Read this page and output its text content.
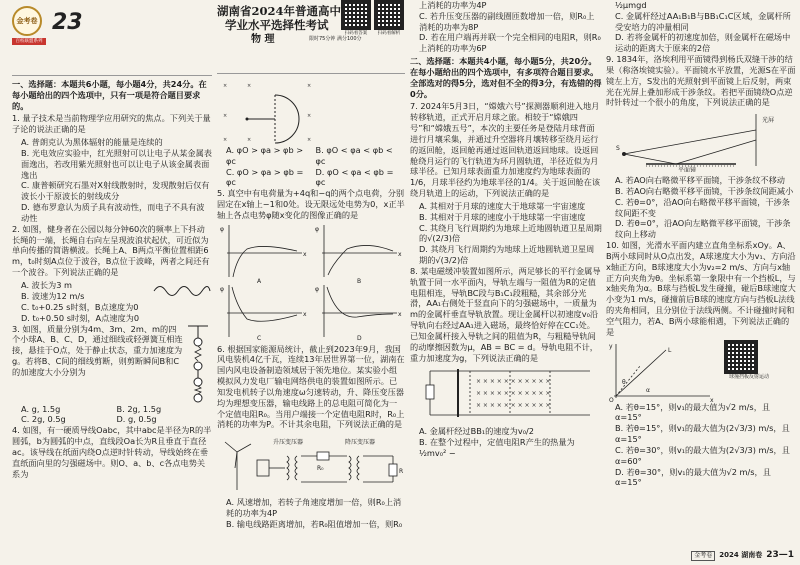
金考卷
百校联盟系列
23
一、选择题：本题共6小题，每小题4分，共24分。在每小题给出的四个选项中，只有一项是符合题目要求的。
1. 量子技术是当前物理学应用研究的焦点。下列关于量子论的说法正确的是
A. 普朗克认为黑体辐射的能量是连续的
B. 光电效应实验中，红光照射可以让电子从某金属表面逸出，若改用紫光照射也可以让电子从该金属表面逸出
C. 康普顿研究石墨对X射线散射时，发现散射后仅有波长小于原波长的射线成分
D. 德布罗意认为质子具有波动性，而电子不具有波动性
2. 如图，健身者在公园以每分钟60次的频率上下抖动长绳的一端，长绳自右向左呈现波浪状起伏，可近似为单向传播的简谐横波。长绳上A、B两点平衡位置相距6 m，t₀时刻A点位于波谷，B点位于波峰，两者之间还有一个波谷。下列说法正确的是
A. 波长为3 m
B. 波速为12 m/s
C. t₀+0.25 s时刻，B点速度为0
D. t₀+0.50 s时刻，A点速度为0
3. 如图，质量分别为4m、3m、2m、m的四个小球A、B、C、D，通过细线或轻弹簧互相连接，悬挂于O点，处于静止状态，重力加速度为g。若将B、C间的细线剪断，则剪断瞬间B和C的加速度大小分别为
A. g, 1.5g	B. 2g, 1.5g
C. 2g, 0.5g	D. g, 0.5g
4. 如图，有一硬质导线Oabc，其中abc是半径为R的半圆弧，b为圆弧的中点，直线段Oa长为R且垂直于直径ac。该导线在纸面内绕O点逆时针转动，导线始终在垂直纸面向里的匀强磁场中。则O、a、b、c各点电势关系为
湖南省2024年普通高中
学业水平选择性考试
物 理	限时75分钟 满分100分
扫码看答案	扫码看解析
×	×	×
×	×
×	×	×
A. φO > φa > φb > φc
B. φO < φa < φb < φc
C. φO > φa > φb = φc
D. φO < φa < φb = φc
5. 真空中有电荷量为+4q和−q的两个点电荷，分别固定在x轴上−1和0处。设无限远处电势为0，x正半轴上各点电势φ随x变化的图像正确的是
φ
x
A
φ
x
B
φ
x
C
φ
x
D
6. 根据国家能源局统计，截止到2023年9月，我国风电装机4亿千瓦，连续13年居世界第一位，湖南在国内风电设备制造领域居于领先地位。某实验小组模拟风力发电厂输电网络供电的装置如图所示。已知发电机转子以角速度ω匀速转动，升、降压变压器均为理想变压器，输电线路上的总电阻可简化为一个定值电阻R₀。当用户端接一个定值电阻R时，R₀上消耗的功率为P。不计其余电阻，下列说法正确的是
升压变压器	降压变压器
R₀	R
A. 风速增加，若转子角速度增加一倍，则R₀上消耗的功率为4P
B. 输电线路距离增加，若R₀阻值增加一倍，则R₀
上消耗的功率为4P
C. 若升压变压器的副线圈匝数增加一倍，则R₀上消耗的功率为8P
D. 若在用户端再并联一个完全相同的电阻R，则R₀上消耗的功率为6P
二、选择题：本题共4小题，每小题5分，共20分。在每小题给出的四个选项中，有多项符合题目要求。全部选对的得5分，选对但不全的得3分，有选错的得0分。
7. 2024年5月3日，“嫦娥六号”探测器顺利进入地月转移轨道，正式开启月球之旅。相较于“嫦娥四号”和“嫦娥五号”，本次的主要任务是登陆月球背面进行月壤采集，并通过升空器将月壤转移至绕月运行的返回舱，返回舱再通过返回轨道返回地球。设返回舱绕月运行的飞行轨道为环月圆轨道，半径近似为月球半径。已知月球表面重力加速度约为地球表面的1/6，月球半径约为地球半径的1/4。关于返回舱在该绕月轨道上的运动，下列说法正确的是
A. 其相对于月球的速度大于地球第一宇宙速度
B. 其相对于月球的速度小于地球第一宇宙速度
C. 其绕月飞行周期约为地球上近地圆轨道卫星周期的√(2/3)倍
D. 其绕月飞行周期约为地球上近地圆轨道卫星周期的√(3/2)倍
8. 某电磁缓冲装置如图所示，两足够长的平行金属导轨置于同一水平面内，导轨左端与一阻值为R的定值电阻相连，导轨BC段与B₁C₁段粗糙，其余部分光滑，AA₁右侧处于竖直向下的匀强磁场中，一质量为m的金属杆垂直导轨放置。现让金属杆以初速度v₀沿导轨向右经过AA₁进入磁场，最终恰好停在CC₁处。已知金属杆接入导轨之间的阻值为R，与粗糙导轨间的动摩擦因数为μ，AB = BC = d。导轨电阻不计，重力加速度为g，下列说法正确的是
× × × × × × × × × × ×
× × × × × × × × × × ×
× × × × × × × × × × ×
A. 金属杆经过BB₁的速度为v₀/2
B. 在整个过程中，定值电阻R产生的热量为½mv₀² −
½μmgd
C. 金属杆经过AA₁B₁B与BB₁C₁C区域，金属杆所受安培力的冲量相同
D. 若将金属杆的初速度加倍，则金属杆在磁场中运动的距离大于原来的2倍
9. 1834年，洛埃利用平面镜得到杨氏双缝干涉的结果（称洛埃镜实验）。平面镜水平放置，光源S在平面镜左上方，S发出的光照射到平面镜上后反射，两束光在光屏上叠加形成干涉条纹。若把平面镜绕O点逆时针转过一个很小的角度，下列说法正确的是
光屏
平面镜
S
A. 若AO向右略微平移平面镜，干涉条纹不移动
B. 若AO向右略微平移平面镜，干涉条纹间距减小
C. 若θ=0°，沿AO向右略微平移平面镜，干涉条纹间距不变
D. 若θ=0°，沿AO向左略微平移平面镜，干涉条纹向上移动
10. 如图，光滑水平面内建立直角坐标系xOy。A、B两小球同时从O点出发，A球速度大小为v₁、方向沿x轴正方向，B球速度大小为v₂=2 m/s、方向与x轴正方向夹角为θ。坐标系第一象限中有一个挡板L，与x轴夹角为α。B球与挡板L发生碰撞，碰后B球速度大小变为1 m/s，碰撞前后B球的速度方向与挡板L法线的夹角相同，且分别位于法线两侧。不计碰撞时间和空气阻力，若A、B两小球能相遇，下列说法正确的是
O	x
y
L
α
θ
球撞挡板反射运动
A. 若θ=15°，则v₁的最大值为√2 m/s，且α=15°
B. 若θ=15°，则v₁的最大值为(2√3/3) m/s，且α=15°
C. 若θ=30°，则v₁的最大值为(2√3/3) m/s，且α=60°
D. 若θ=30°，则v₁的最大值为√2 m/s，且α=15°
金考卷	2024 湖南卷 23—1
